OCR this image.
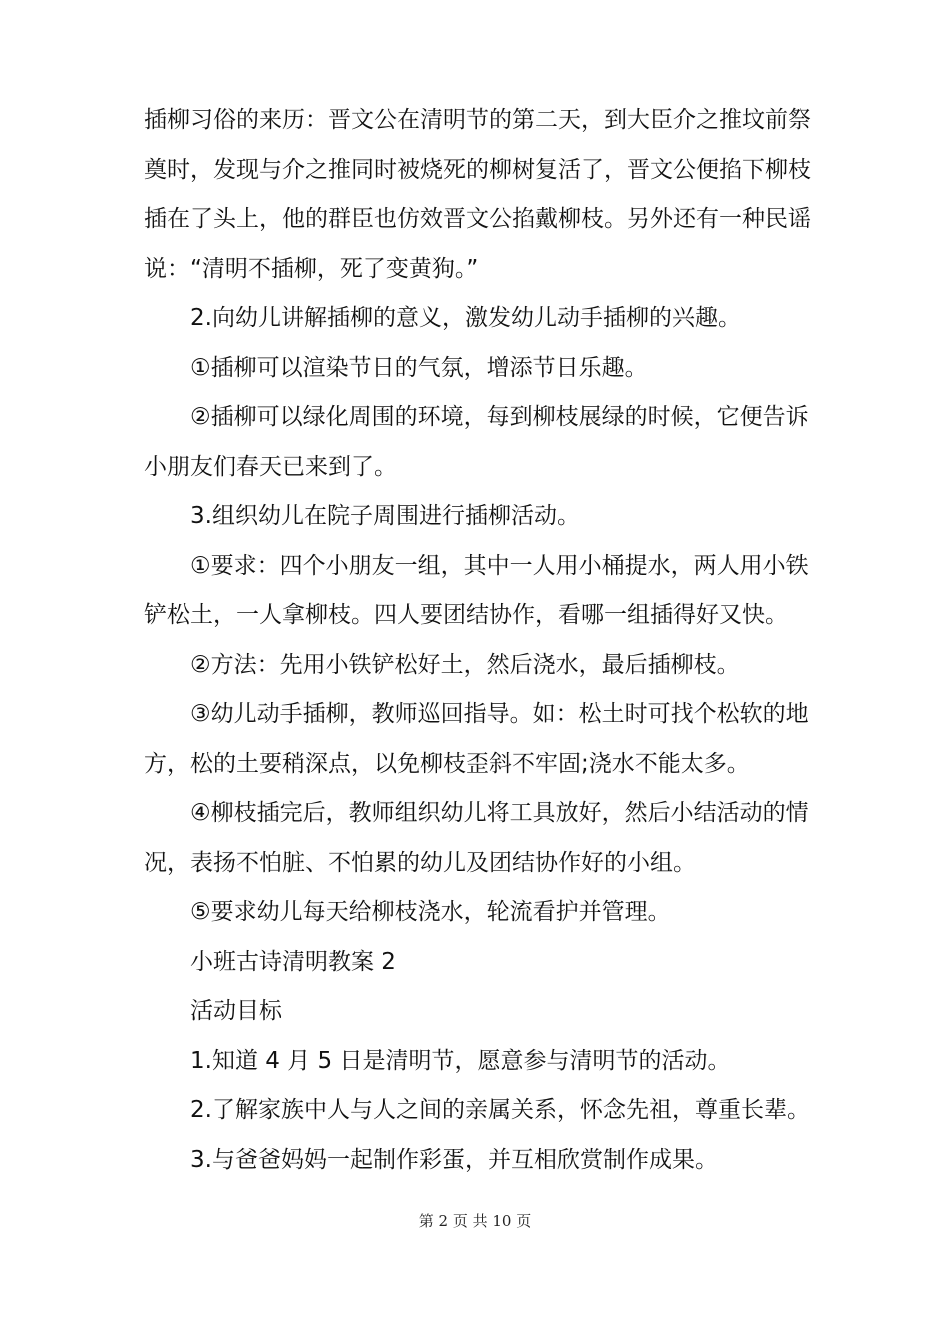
插柳习俗的来历：晋文公在清明节的第二天，到大臣介之推坟前祭奠时，发现与介之推同时被烧死的柳树复活了，晋文公便掐下柳枝插在了头上，他的群臣也仿效晋文公掐戴柳枝。另外还有一种民谣说：“清明不插柳，死了变黄狗。”

2.向幼儿讲解插柳的意义，激发幼儿动手插柳的兴趣。

①插柳可以渲染节日的气氛，增添节日乐趣。

②插柳可以绿化周围的环境，每到柳枝展绿的时候，它便告诉小朋友们春天已来到了。

3.组织幼儿在院子周围进行插柳活动。

①要求：四个小朋友一组，其中一人用小桶提水，两人用小铁铲松土，一人拿柳枝。四人要团结协作，看哪一组插得好又快。

②方法：先用小铁铲松好土，然后浇水，最后插柳枝。

③幼儿动手插柳，教师巡回指导。如：松土时可找个松软的地方，松的土要稍深点，以免柳枝歪斜不牢固;浇水不能太多。

④柳枝插完后，教师组织幼儿将工具放好，然后小结活动的情况，表扬不怕脏、不怕累的幼儿及团结协作好的小组。

⑤要求幼儿每天给柳枝浇水，轮流看护并管理。

小班古诗清明教案 2

活动目标

1.知道 4 月 5 日是清明节，愿意参与清明节的活动。

2.了解家族中人与人之间的亲属关系，怀念先祖，尊重长辈。

3.与爸爸妈妈一起制作彩蛋，并互相欣赏制作成果。

第 2 页 共 10 页
